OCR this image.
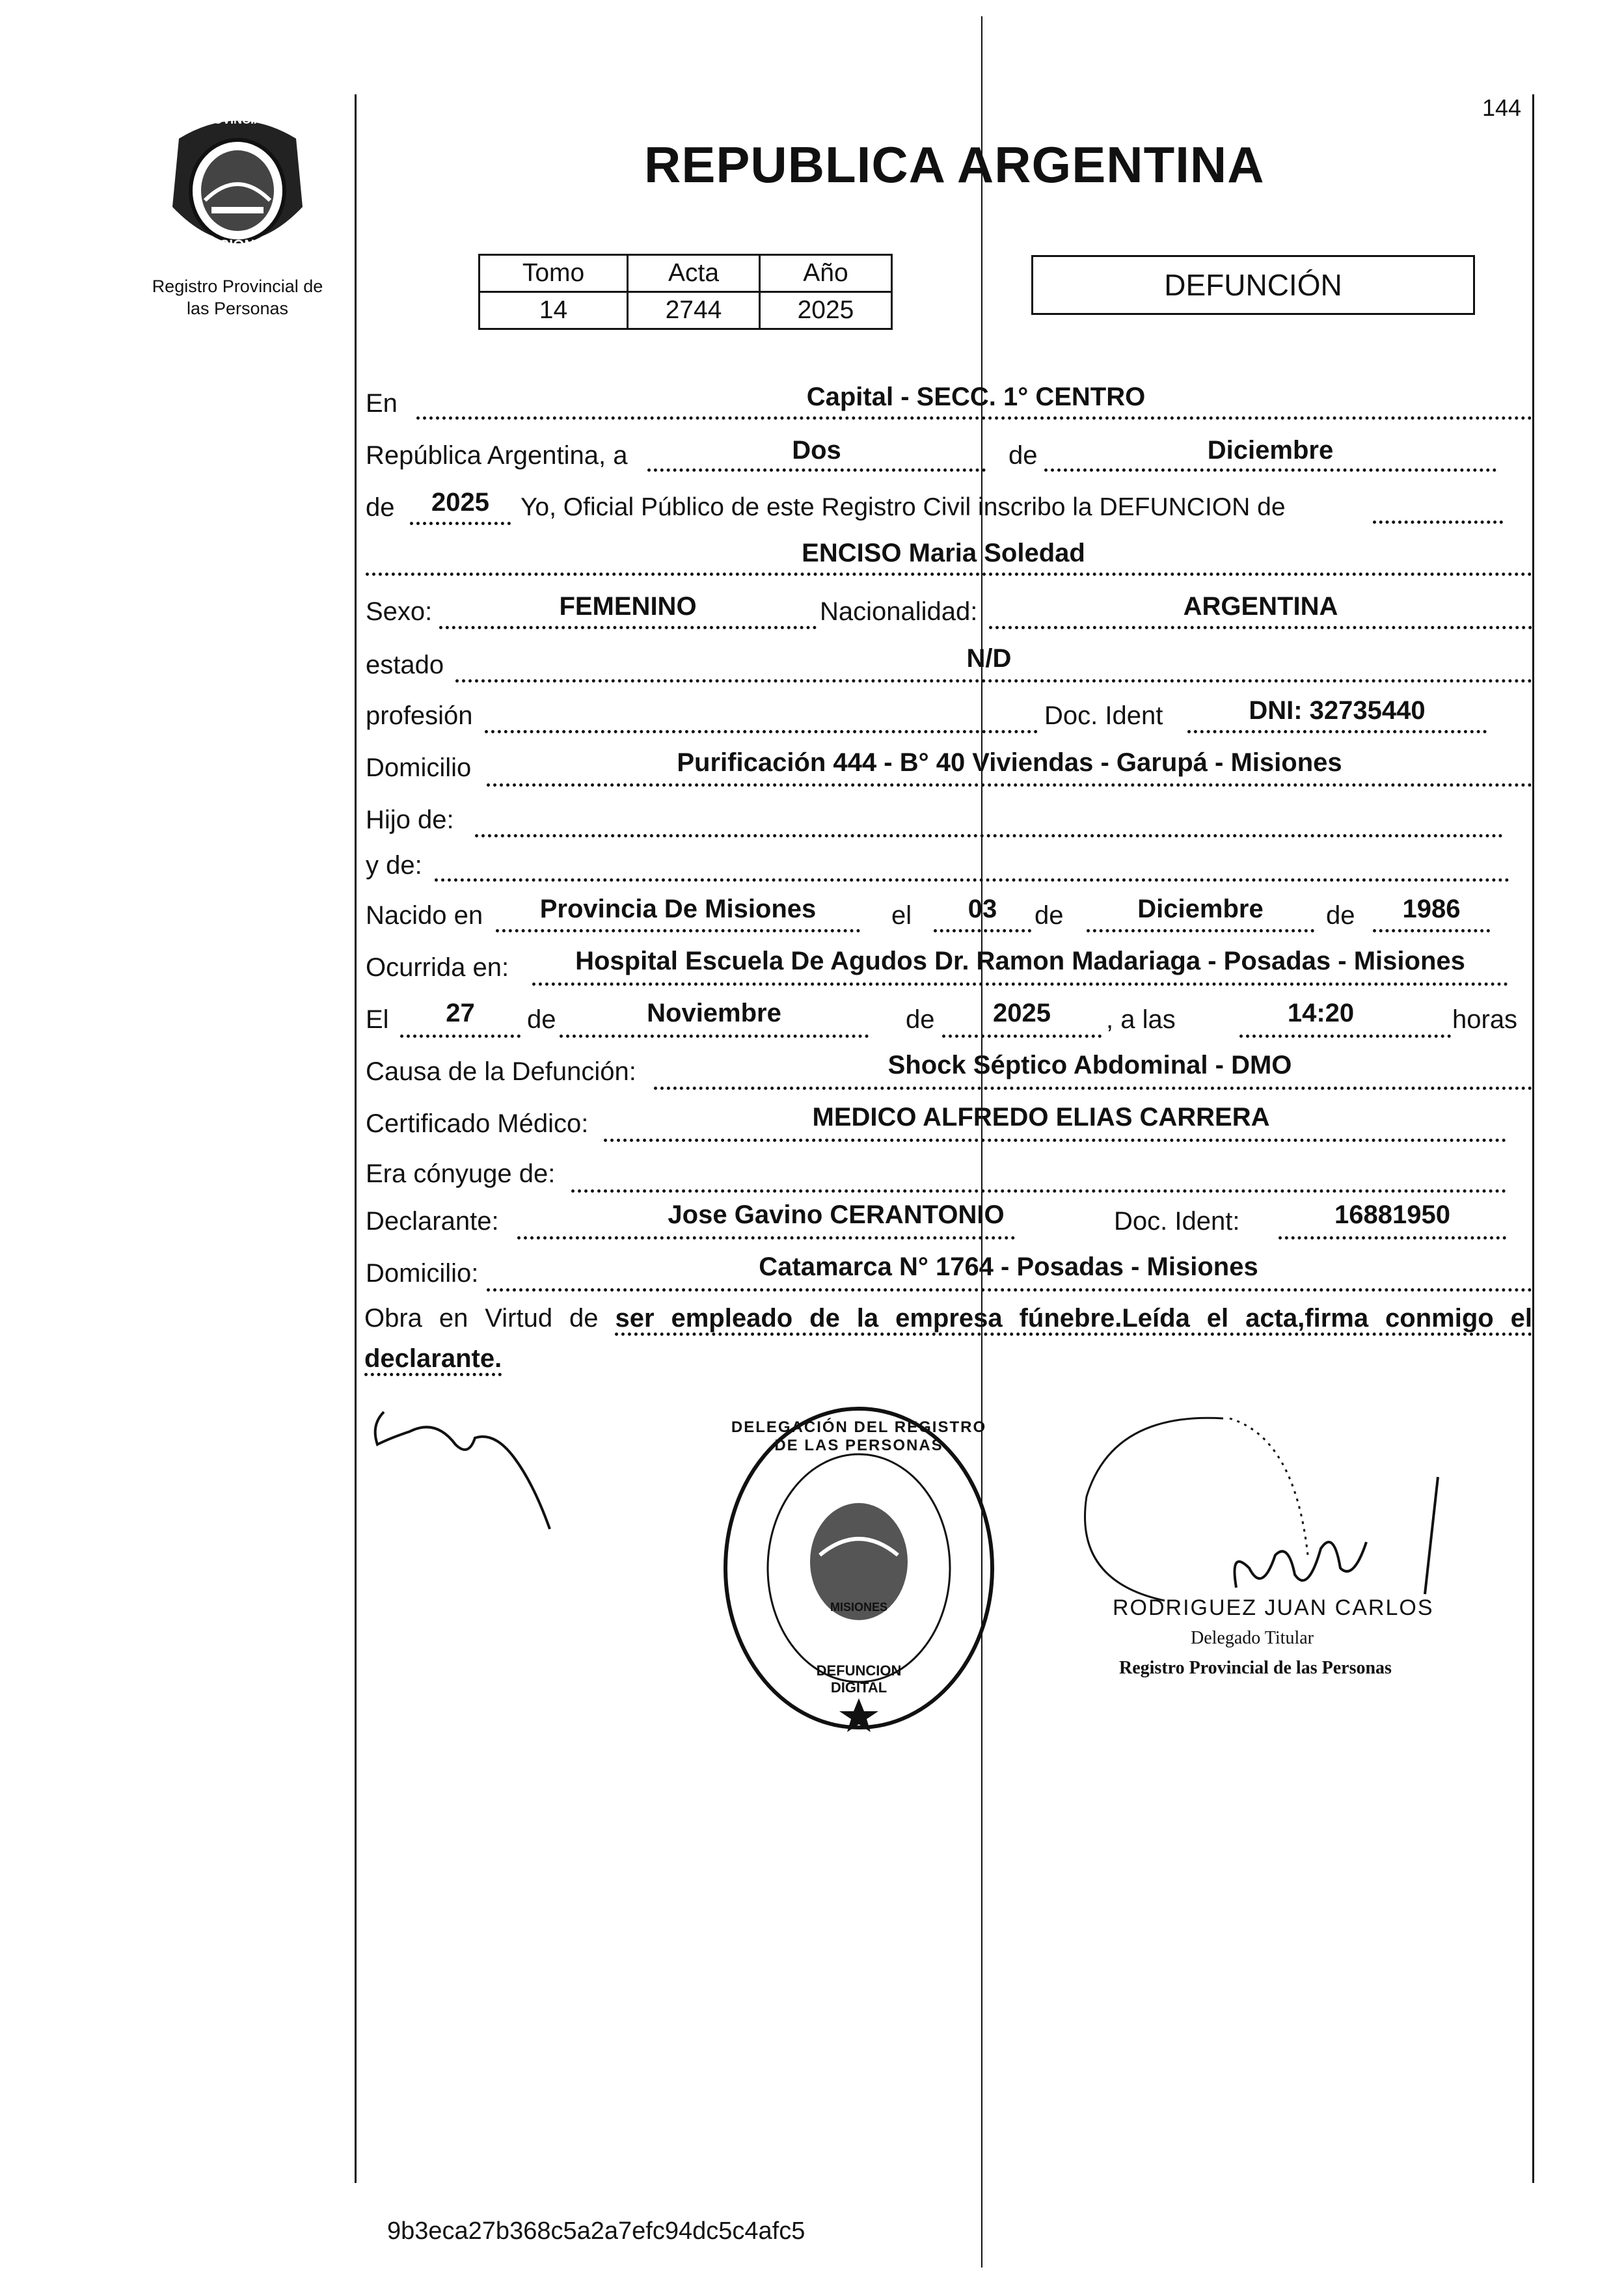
PROVINCIA DE
MISIONES
Registro Provincial de
las Personas
144
REPUBLICA ARGENTINA
Tomo	Acta	Año
14	2744	2025
DEFUNCIÓN
En	Capital - SECC. 1° CENTRO
República Argentina, a	Dos	de	Diciembre
de	2025	Yo, Oficial Público de este Registro Civil inscribo la DEFUNCION de
ENCISO Maria Soledad
Sexo:	FEMENINO	Nacionalidad:	ARGENTINA
estado	N/D
profesión	Doc. Ident	DNI: 32735440
Domicilio	Purificación 444 - B° 40 Viviendas - Garupá - Misiones
Hijo de:
y de:
Nacido en	Provincia De Misiones	el	03	de	Diciembre	de	1986
Ocurrida en:	Hospital Escuela De Agudos Dr. Ramon Madariaga - Posadas - Misiones
El	27	de	Noviembre	de	2025	, a las	14:20	horas
Causa de la Defunción:	Shock Séptico Abdominal - DMO
Certificado Médico:	MEDICO ALFREDO ELIAS CARRERA
Era cónyuge de:
Declarante:	Jose Gavino CERANTONIO	Doc. Ident:	16881950
Domicilio:	Catamarca N° 1764 - Posadas - Misiones
Obra en Virtud de ser empleado de la empresa fúnebre.Leída el acta,firma conmigo el declarante.
DELEGACIÓN DEL REGISTRO DE LAS PERSONAS
MISIONES
DEFUNCION DIGITAL
RODRIGUEZ JUAN CARLOS
Delegado Titular
Registro Provincial de las Personas
9b3eca27b368c5a2a7efc94dc5c4afc5
